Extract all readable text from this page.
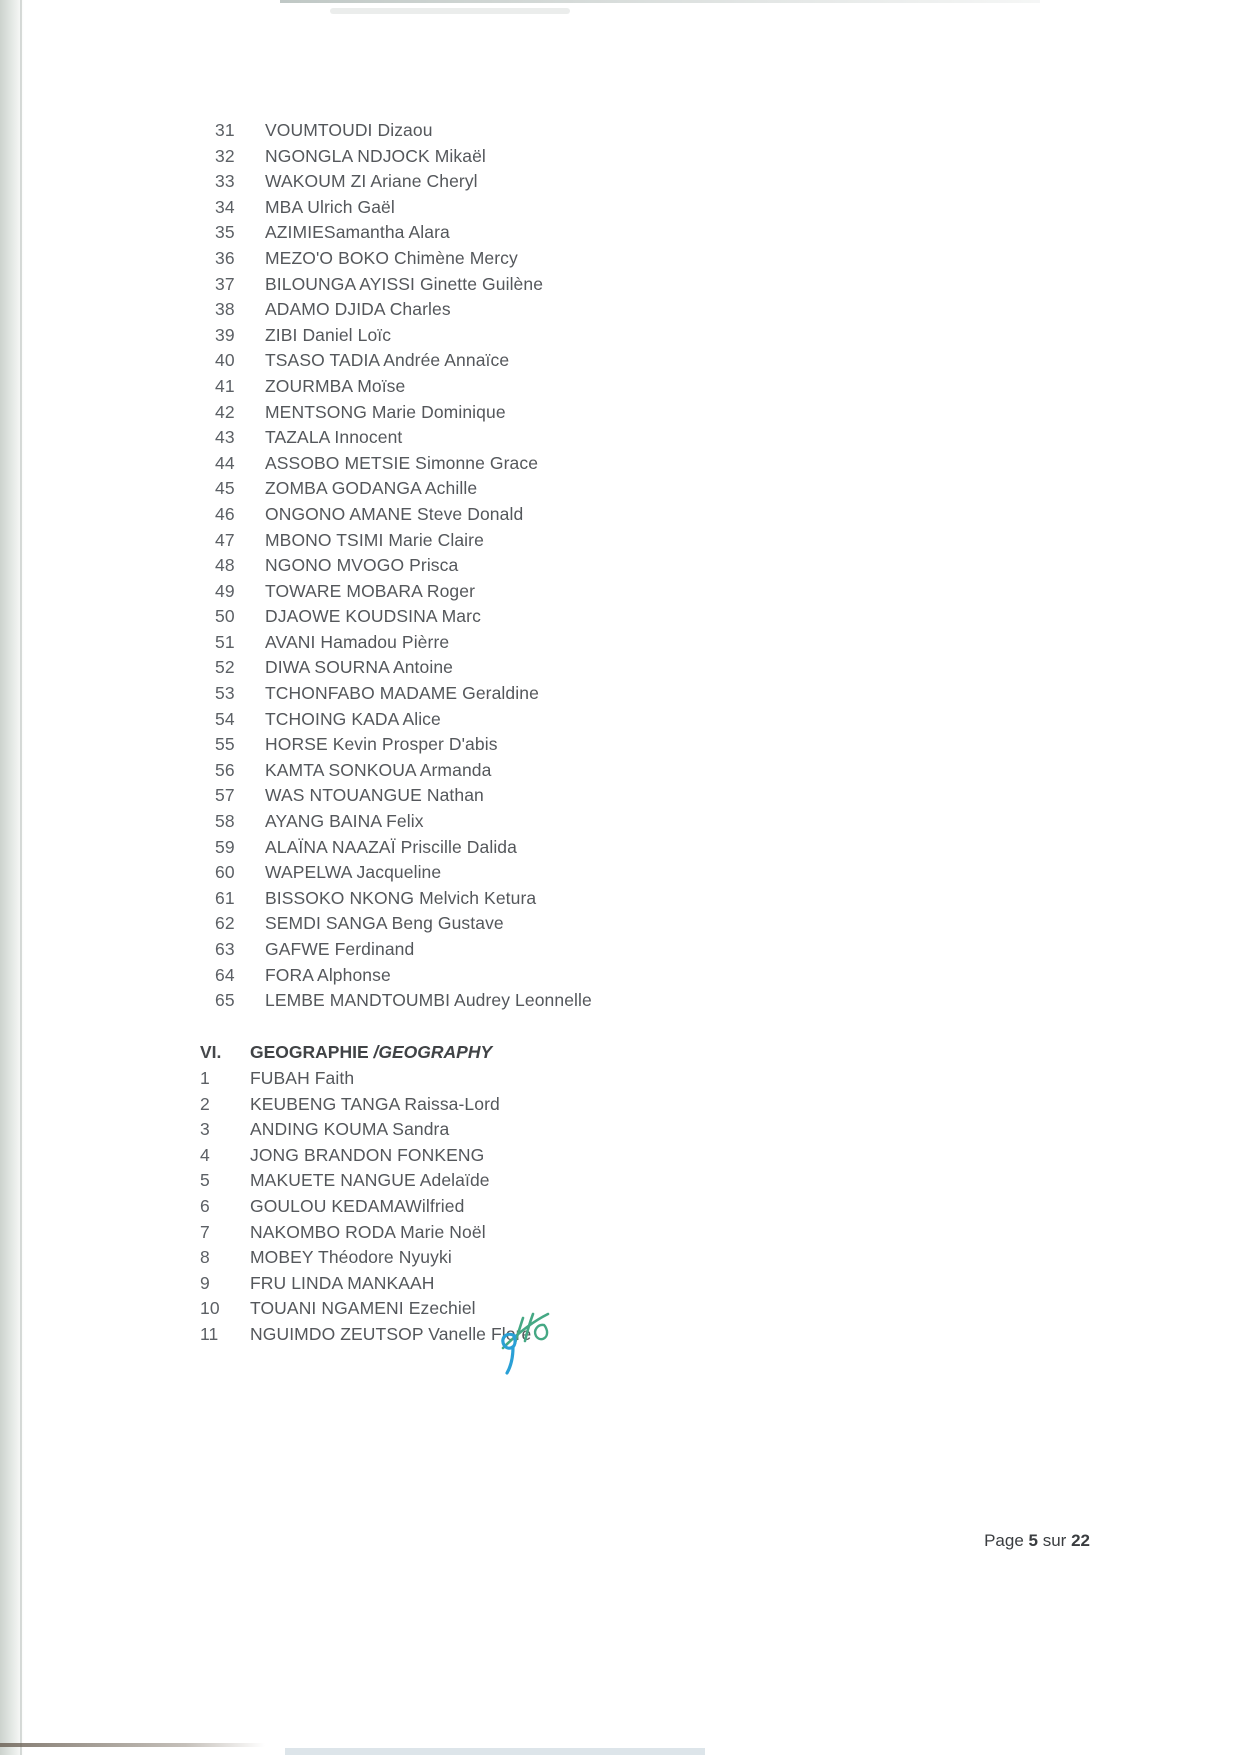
31 VOUMTOUDI Dizaou
32 NGONGLA NDJOCK Mikaël
33 WAKOUM ZI Ariane Cheryl
34 MBA Ulrich Gaël
35 AZIMIESamantha Alara
36 MEZO'O BOKO Chimène Mercy
37 BILOUNGA AYISSI Ginette Guilène
38 ADAMO DJIDA Charles
39 ZIBI Daniel Loïc
40 TSASO TADIA Andrée Annaïce
41 ZOURMBA Moïse
42 MENTSONG Marie Dominique
43 TAZALA Innocent
44 ASSOBO METSIE Simonne Grace
45 ZOMBA GODANGA Achille
46 ONGONO AMANE Steve Donald
47 MBONO TSIMI Marie Claire
48 NGONO MVOGO Prisca
49 TOWARE MOBARA Roger
50 DJAOWE KOUDSINA Marc
51 AVANI Hamadou Pièrre
52 DIWA SOURNA Antoine
53 TCHONFABO MADAME Geraldine
54 TCHOING KADA Alice
55 HORSE Kevin Prosper D'abis
56 KAMTA SONKOUA Armanda
57 WAS NTOUANGUE Nathan
58 AYANG BAINA Felix
59 ALAÏNA NAAZAÏ Priscille Dalida
60 WAPELWA Jacqueline
61 BISSOKO NKONG Melvich Ketura
62 SEMDI SANGA Beng Gustave
63 GAFWE Ferdinand
64 FORA Alphonse
65 LEMBE MANDTOUMBI Audrey Leonnelle
VI. GEOGRAPHIE /GEOGRAPHY
1 FUBAH Faith
2 KEUBENG TANGA Raissa-Lord
3 ANDING KOUMA Sandra
4 JONG BRANDON FONKENG
5 MAKUETE NANGUE Adelaïde
6 GOULOU KEDAMAWilfried
7 NAKOMBO RODA Marie Noël
8 MOBEY Théodore Nyuyki
9 FRU LINDA MANKAAH
10 TOUANI NGAMENI Ezechiel
11 NGUIMDO ZEUTSOP Vanelle Flore
Page 5 sur 22
